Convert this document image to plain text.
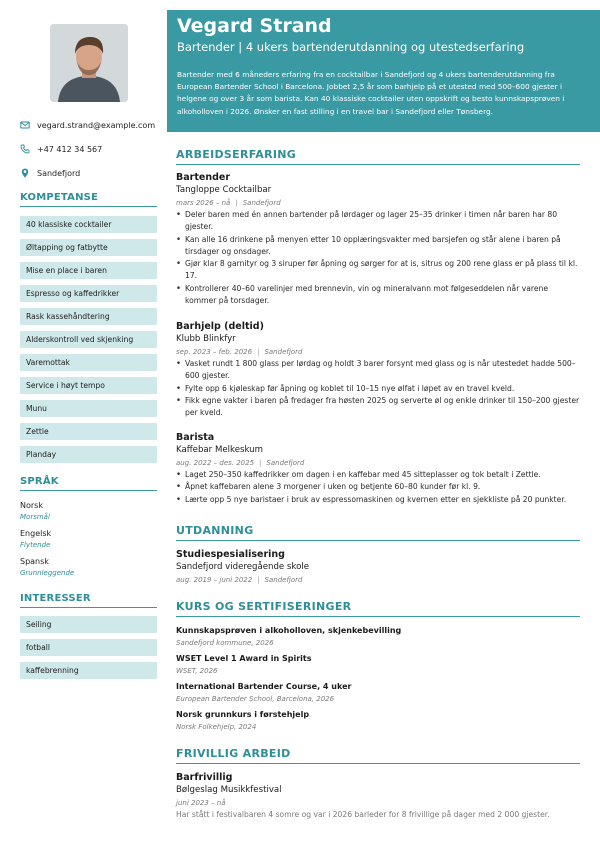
vegard.strand@example.com
+47 412 34 567
Sandefjord
KOMPETANSE
40 klassiske cocktailer
Øltapping og fatbytte
Mise en place i baren
Espresso og kaffedrikker
Rask kassehåndtering
Alderskontroll ved skjenking
Varemottak
Service i høyt tempo
Munu
Zettle
Planday
SPRÅK
Norsk
Morsmål
Engelsk
Flytende
Spansk
Grunnleggende
INTERESSER
Seiling
fotball
kaffebrenning
Vegard Strand
Bartender | 4 ukers bartenderutdanning og utestedserfaring
Bartender med 6 måneders erfaring fra en cocktailbar i Sandefjord og 4 ukers bartenderutdanning fra European Bartender School i Barcelona. Jobbet 2,5 år som barhjelp på et utested med 500–600 gjester i helgene og over 3 år som barista. Kan 40 klassiske cocktailer uten oppskrift og besto kunnskapsprøven i alkoholloven i 2026. Ønsker en fast stilling i en travel bar i Sandefjord eller Tønsberg.
ARBEIDSERFARING
Bartender
Tangloppe Cocktailbar
mars 2026 – nå | Sandefjord
• Deler baren med én annen bartender på lørdager og lager 25–35 drinker i timen når baren har 80 gjester.
• Kan alle 16 drinkene på menyen etter 10 opplæringsvakter med barsjefen og står alene i baren på tirsdager og onsdager.
• Gjør klar 8 garnityr og 3 siruper før åpning og sørger for at is, sitrus og 200 rene glass er på plass til kl. 17.
• Kontrollerer 40–60 varelinjer med brennevin, vin og mineralvann mot følgeseddelen når varene kommer på torsdager.
Barhjelp (deltid)
Klubb Blinkfyr
sep. 2023 – feb. 2026 | Sandefjord
• Vasket rundt 1 800 glass per lørdag og holdt 3 barer forsynt med glass og is når utestedet hadde 500–600 gjester.
• Fylte opp 6 kjøleskap før åpning og koblet til 10–15 nye ølfat i løpet av en travel kveld.
• Fikk egne vakter i baren på fredager fra høsten 2025 og serverte øl og enkle drinker til 150–200 gjester per kveld.
Barista
Kaffebar Melkeskum
aug. 2022 – des. 2025 | Sandefjord
• Laget 250–350 kaffedrikker om dagen i en kaffebar med 45 sitteplasser og tok betalt i Zettle.
• Åpnet kaffebaren alene 3 morgener i uken og betjente 60–80 kunder før kl. 9.
• Lærte opp 5 nye baristaer i bruk av espressomaskinen og kvernen etter en sjekkliste på 20 punkter.
UTDANNING
Studiespesialisering
Sandefjord videregående skole
aug. 2019 – juni 2022 | Sandefjord
KURS OG SERTIFISERINGER
Kunnskapsprøven i alkoholloven, skjenkebevilling
Sandefjord kommune, 2026
WSET Level 1 Award in Spirits
WSET, 2026
International Bartender Course, 4 uker
European Bartender School, Barcelona, 2026
Norsk grunnkurs i førstehjelp
Norsk Folkehjelp, 2024
FRIVILLIG ARBEID
Barfrivillig
Bølgeslag Musikkfestival
juni 2023 – nå
Har stått i festivalbaren 4 somre og var i 2026 barleder for 8 frivillige på dager med 2 000 gjester.
